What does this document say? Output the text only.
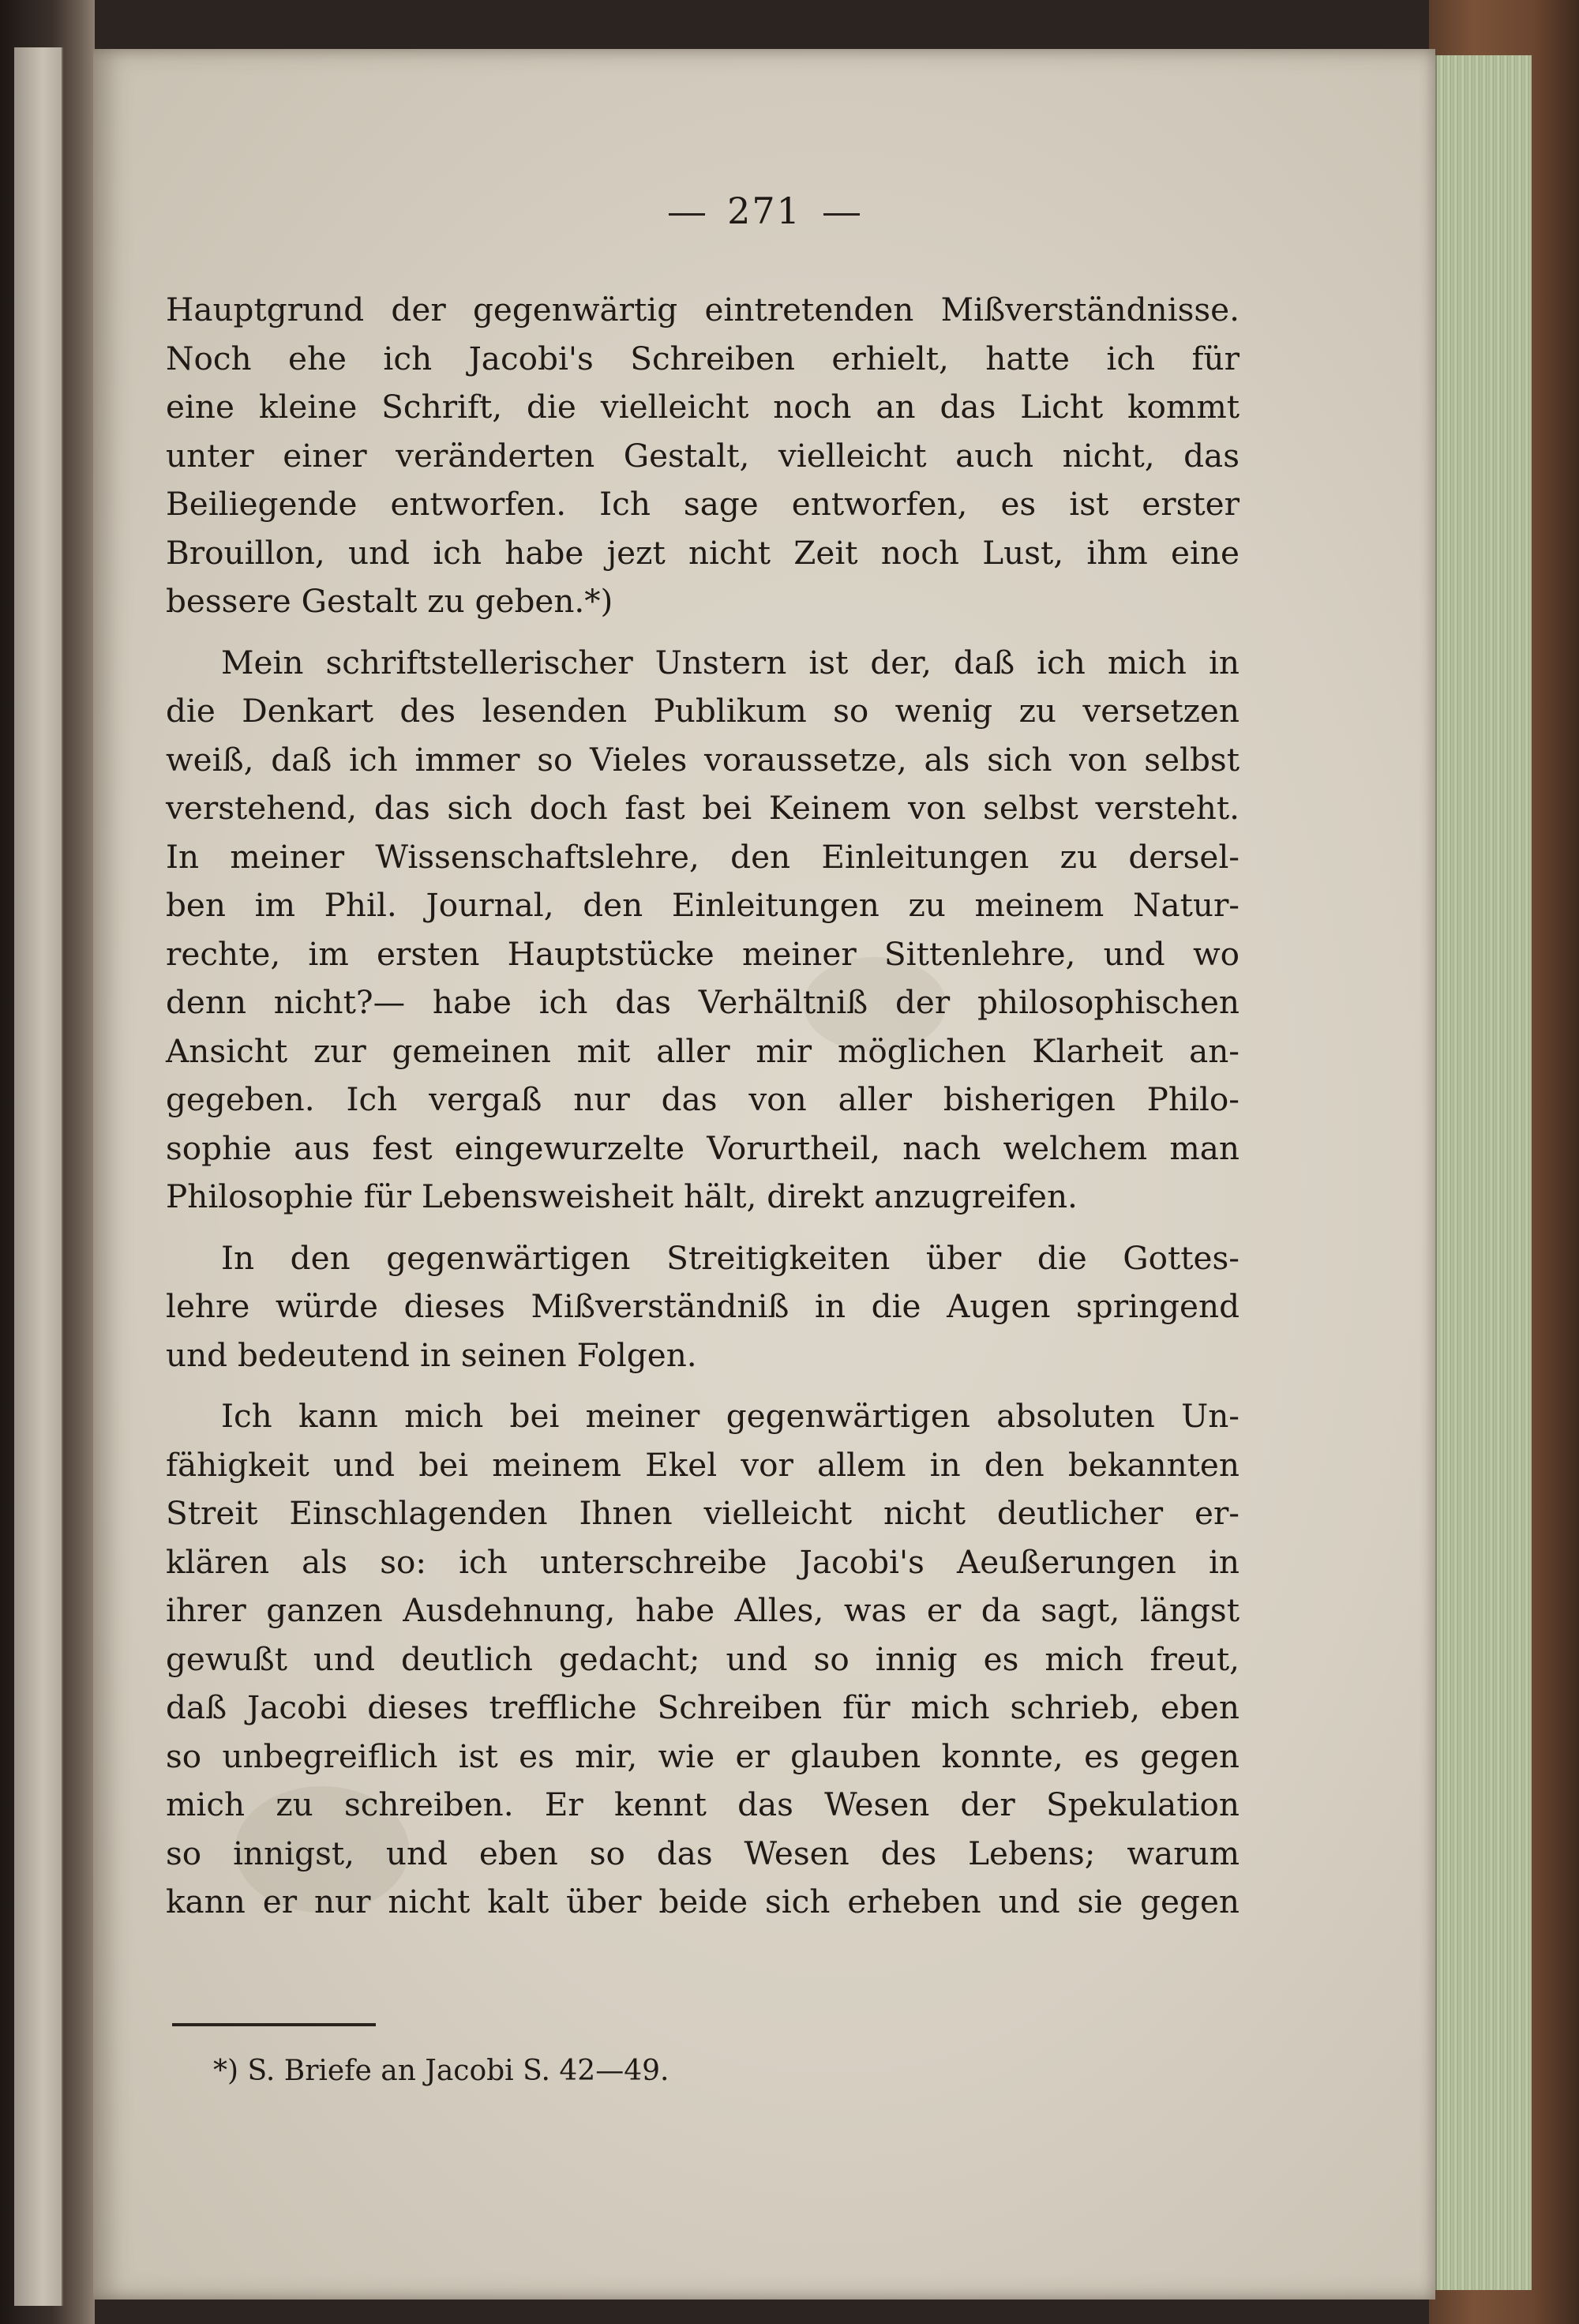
271
Hauptgrund der gegenwärtig eintretenden Mißverständnisse.
Noch ehe ich Jacobi's Schreiben erhielt, hatte ich für
eine kleine Schrift, die vielleicht noch an das Licht kommt
unter einer veränderten Gestalt, vielleicht auch nicht, das
Beiliegende entworfen. Ich sage entworfen, es ist erster
Brouillon, und ich habe jezt nicht Zeit noch Lust, ihm eine
bessere Gestalt zu geben.*)
Mein schriftstellerischer Unstern ist der, daß ich mich in
die Denkart des lesenden Publikum so wenig zu versetzen
weiß, daß ich immer so Vieles voraussetze, als sich von selbst
verstehend, das sich doch fast bei Keinem von selbst versteht.
In meiner Wissenschaftslehre, den Einleitungen zu dersel-
ben im Phil. Journal, den Einleitungen zu meinem Natur-
rechte, im ersten Hauptstücke meiner Sittenlehre, und wo
denn nicht?— habe ich das Verhältniß der philosophischen
Ansicht zur gemeinen mit aller mir möglichen Klarheit an-
gegeben. Ich vergaß nur das von aller bisherigen Philo-
sophie aus fest eingewurzelte Vorurtheil, nach welchem man
Philosophie für Lebensweisheit hält, direkt anzugreifen.
In den gegenwärtigen Streitigkeiten über die Gottes-
lehre würde dieses Mißverständniß in die Augen springend
und bedeutend in seinen Folgen.
Ich kann mich bei meiner gegenwärtigen absoluten Un-
fähigkeit und bei meinem Ekel vor allem in den bekannten
Streit Einschlagenden Ihnen vielleicht nicht deutlicher er-
klären als so: ich unterschreibe Jacobi's Aeußerungen in
ihrer ganzen Ausdehnung, habe Alles, was er da sagt, längst
gewußt und deutlich gedacht; und so innig es mich freut,
daß Jacobi dieses treffliche Schreiben für mich schrieb, eben
so unbegreiflich ist es mir, wie er glauben konnte, es gegen
mich zu schreiben. Er kennt das Wesen der Spekulation
so innigst, und eben so das Wesen des Lebens; warum
kann er nur nicht kalt über beide sich erheben und sie gegen
*) S. Briefe an Jacobi S. 42—49.
